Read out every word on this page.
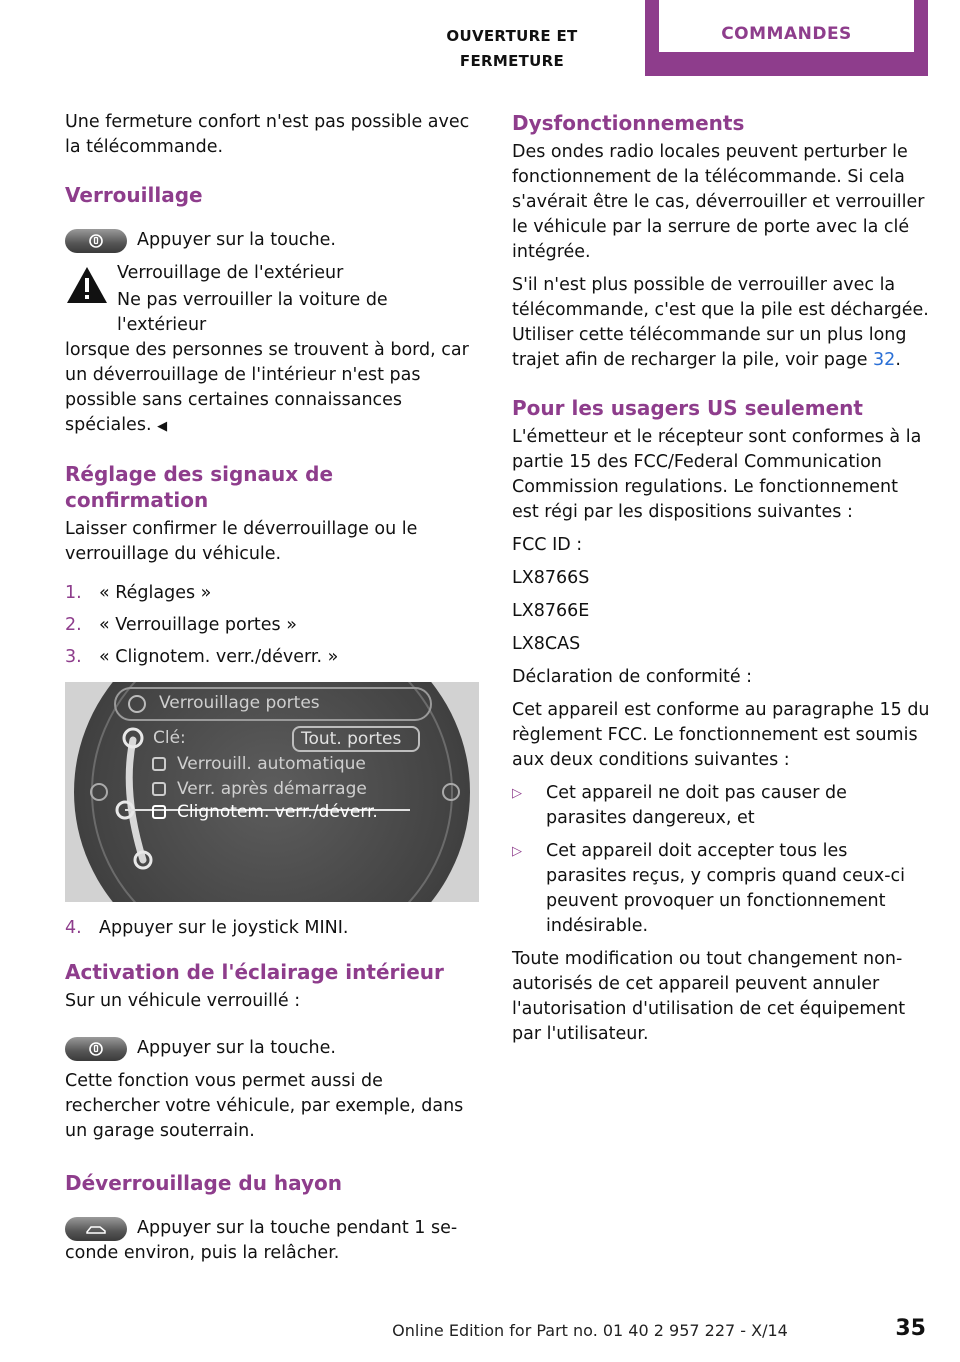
OUVERTURE ET FERMETURE
COMMANDES

Une fermeture confort n'est pas possible avec la télécommande.

Verrouillage
Appuyer sur la touche.

Verrouillage de l'extérieur

Ne pas verrouiller la voiture de l'extérieur

lorsque des personnes se trouvent à bord, car un déverrouillage de l'intérieur n'est pas possible sans certaines connaissances spéciales. ◀

Réglage des signaux de confirmation

Laisser confirmer le déverrouillage ou le verrouillage du véhicule.

1. « Réglages »
2. « Verrouillage portes »
3. « Clignotem. verr./déverr. »
Verrouillage portes
Clé:	Tout. portes
Verrouill. automatique
Verr. après démarrage
Clignotem. verr./déverr.
4. Appuyer sur le joystick MINI.
Activation de l'éclairage intérieur

Sur un véhicule verrouillé :

Appuyer sur la touche.

Cette fonction vous permet aussi de rechercher votre véhicule, par exemple, dans un garage souterrain.

Déverrouillage du hayon
Appuyer sur la touche pendant 1 se-

conde environ, puis la relâcher.

Dysfonctionnements

Des ondes radio locales peuvent perturber le fonctionnement de la télécommande. Si cela s'avérait être le cas, déverrouiller et verrouiller le véhicule par la serrure de porte avec la clé intégrée.

S'il n'est plus possible de verrouiller avec la télécommande, c'est que la pile est déchargée. Utiliser cette télécommande sur un plus long trajet afin de recharger la pile, voir page 32.

Pour les usagers US seulement

L'émetteur et le récepteur sont conformes à la partie 15 des FCC/Federal Communication Commission regulations. Le fonctionnement est régi par les dispositions suivantes :

FCC ID :

LX8766S

LX8766E

LX8CAS

Déclaration de conformité :

Cet appareil est conforme au paragraphe 15 du règlement FCC. Le fonctionnement est soumis aux deux conditions suivantes :

▷	Cet appareil ne doit pas causer de parasites dangereux, et
▷	Cet appareil doit accepter tous les parasites reçus, y compris quand ceux-ci peuvent provoquer un fonctionnement indésirable.

Toute modification ou tout changement non-autorisés de cet appareil peuvent annuler l'autorisation d'utilisation de cet équipement par l'utilisateur.

Online Edition for Part no. 01 40 2 957 227 - X/14	35
